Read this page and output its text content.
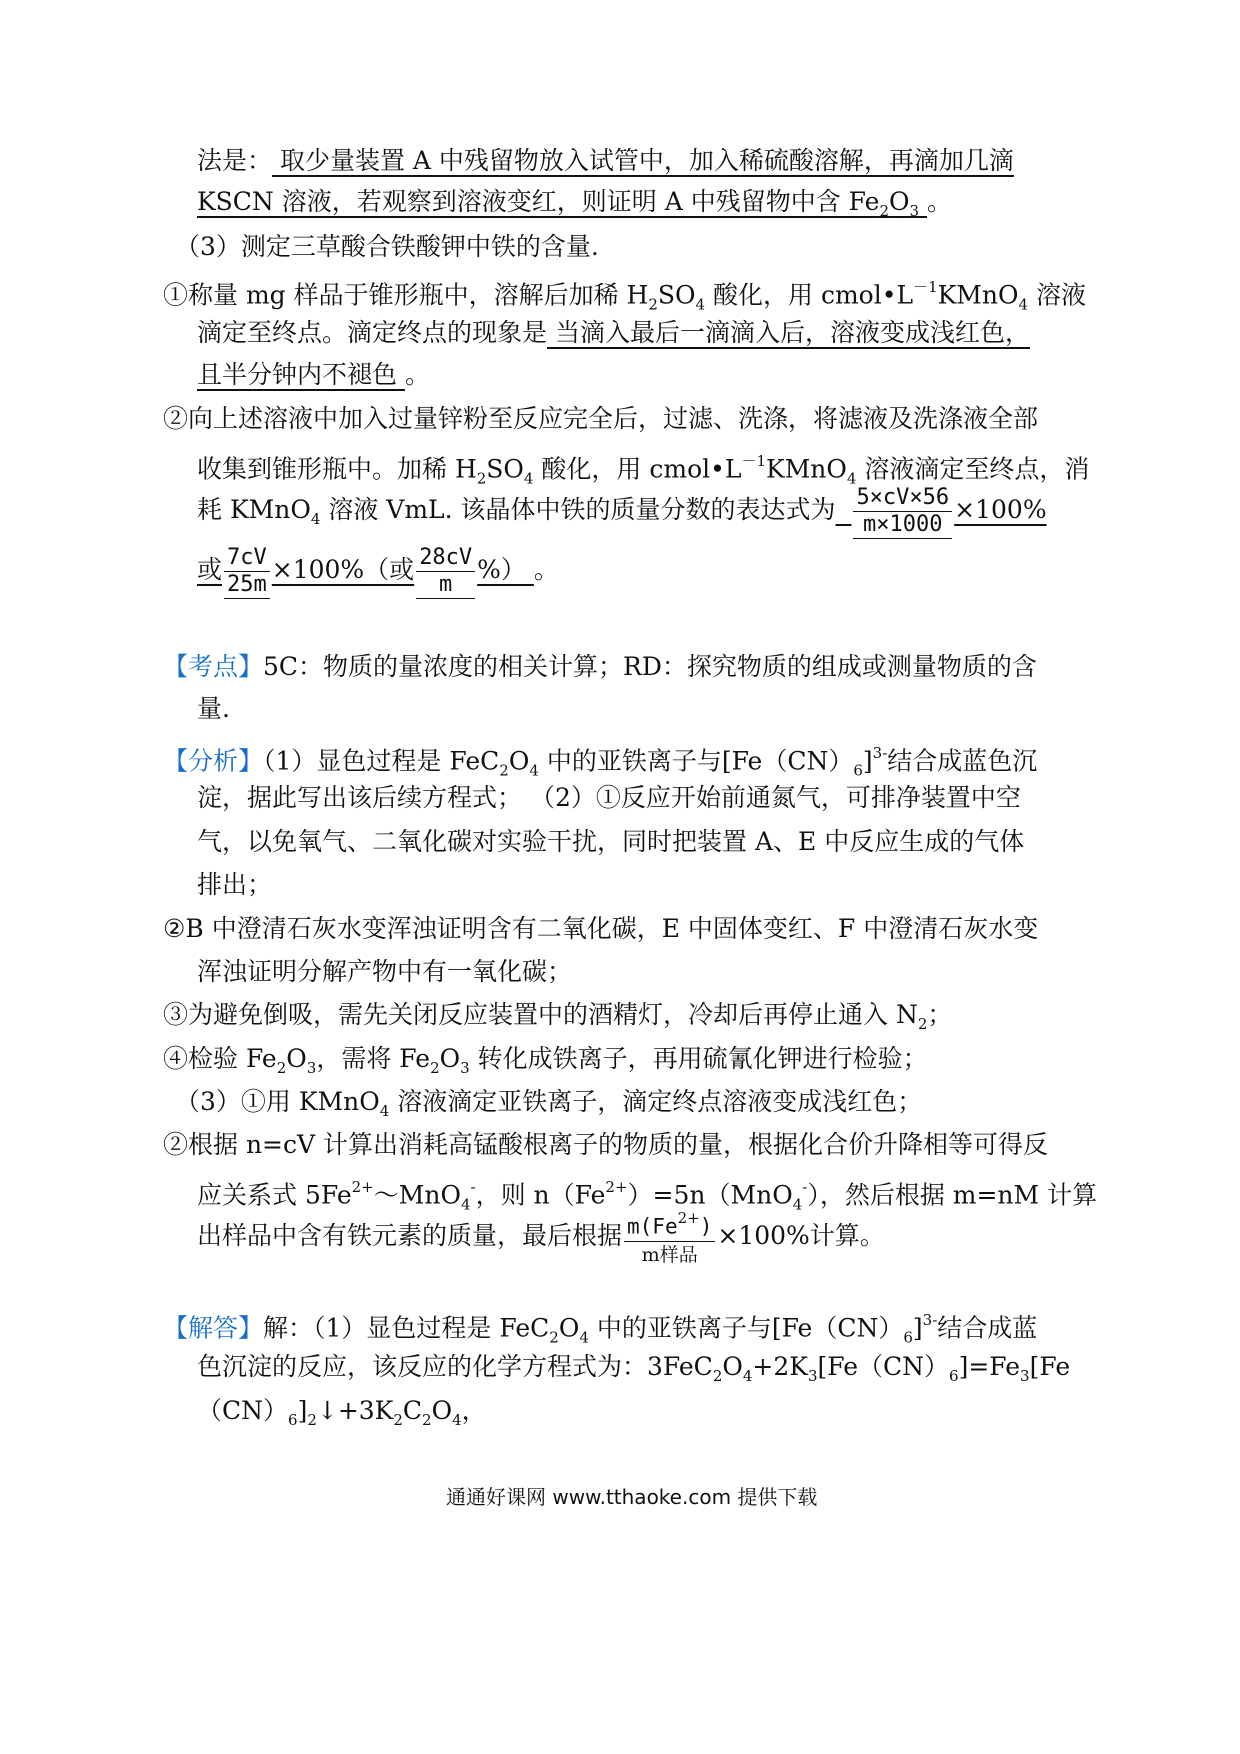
法是： 取少量装置 A 中残留物放入试管中，加入稀硫酸溶解，再滴加几滴
KSCN 溶液，若观察到溶液变红，则证明 A 中残留物中含 $Fe_2O_3$ 。
（3）测定三草酸合铁酸钾中铁的含量.
①称量 mg 样品于锥形瓶中，溶解后加稀 $H_2SO_4$ 酸化，用 $cmol•L^{-1}KMnO_4$ 溶液
滴定至终点。滴定终点的现象是 当滴入最后一滴滴入后，溶液变成浅红色，
且半分钟内不褪色 。
②向上述溶液中加入过量锌粉至反应完全后，过滤、洗涤，将滤液及洗涤液全部
收集到锥形瓶中。加稀 $H_2SO_4$ 酸化，用 $cmol•L^{-1}KMnO_4$ 溶液滴定至终点，消
耗 KMnO$_4$ 溶液 VmL. 该晶体中铁的质量分数的表达式为 $\frac{5\times cV\times 56}{m\times 1000} \times 100\%$
或 $\frac{7cV}{25m} \times 100\%$（或 $\frac{28cV}{m}$ %） 。
【考点】5C：物质的量浓度的相关计算；RD：探究物质的组成或测量物质的含
量.
【分析】（1）显色过程是 $FeC_2O_4$ 中的亚铁离子与$[Fe(CN)_6]^{3-}$结合成蓝色沉
淀，据此写出该后续方程式； （2）①反应开始前通氮气，可排净装置中空
气，以免氧气、二氧化碳对实验干扰，同时把装置 A、E 中反应生成的气体
排出；
②B 中澄清石灰水变浑浊证明含有二氧化碳，E 中固体变红、F 中澄清石灰水变
浑浊证明分解产物中有一氧化碳；
③为避免倒吸，需先关闭反应装置中的酒精灯，冷却后再停止通入 $N_2$；
④检验 $Fe_2O_3$，需将 $Fe_2O_3$ 转化成铁离子，再用硫氰化钾进行检验；
（3）①用 KMnO$_4$ 溶液滴定亚铁离子，滴定终点溶液变成浅红色；
②根据 n=cV 计算出消耗高锰酸根离子的物质的量，根据化合价升降相等可得反
应关系式 $5Fe^{2+}\sim MnO_4^-$，则 $n(Fe^{2+})=5n(MnO_4^-)$，然后根据 m=nM 计算
出样品中含有铁元素的质量，最后根据 $\frac{m(Fe^{2+})}{\text{m样品}} \times 100\%$计算。
【解答】解：（1）显色过程是 $FeC_2O_4$ 中的亚铁离子与$[Fe(CN)_6]^{3-}$结合成蓝
色沉淀的反应，该反应的化学方程式为：$3FeC_2O_4+2K_3[Fe(CN)_6]=Fe_3[Fe$
$(CN)_6]_2↓+3K_2C_2O_4$，
通通好课网 www.tthaoke.com 提供下载
